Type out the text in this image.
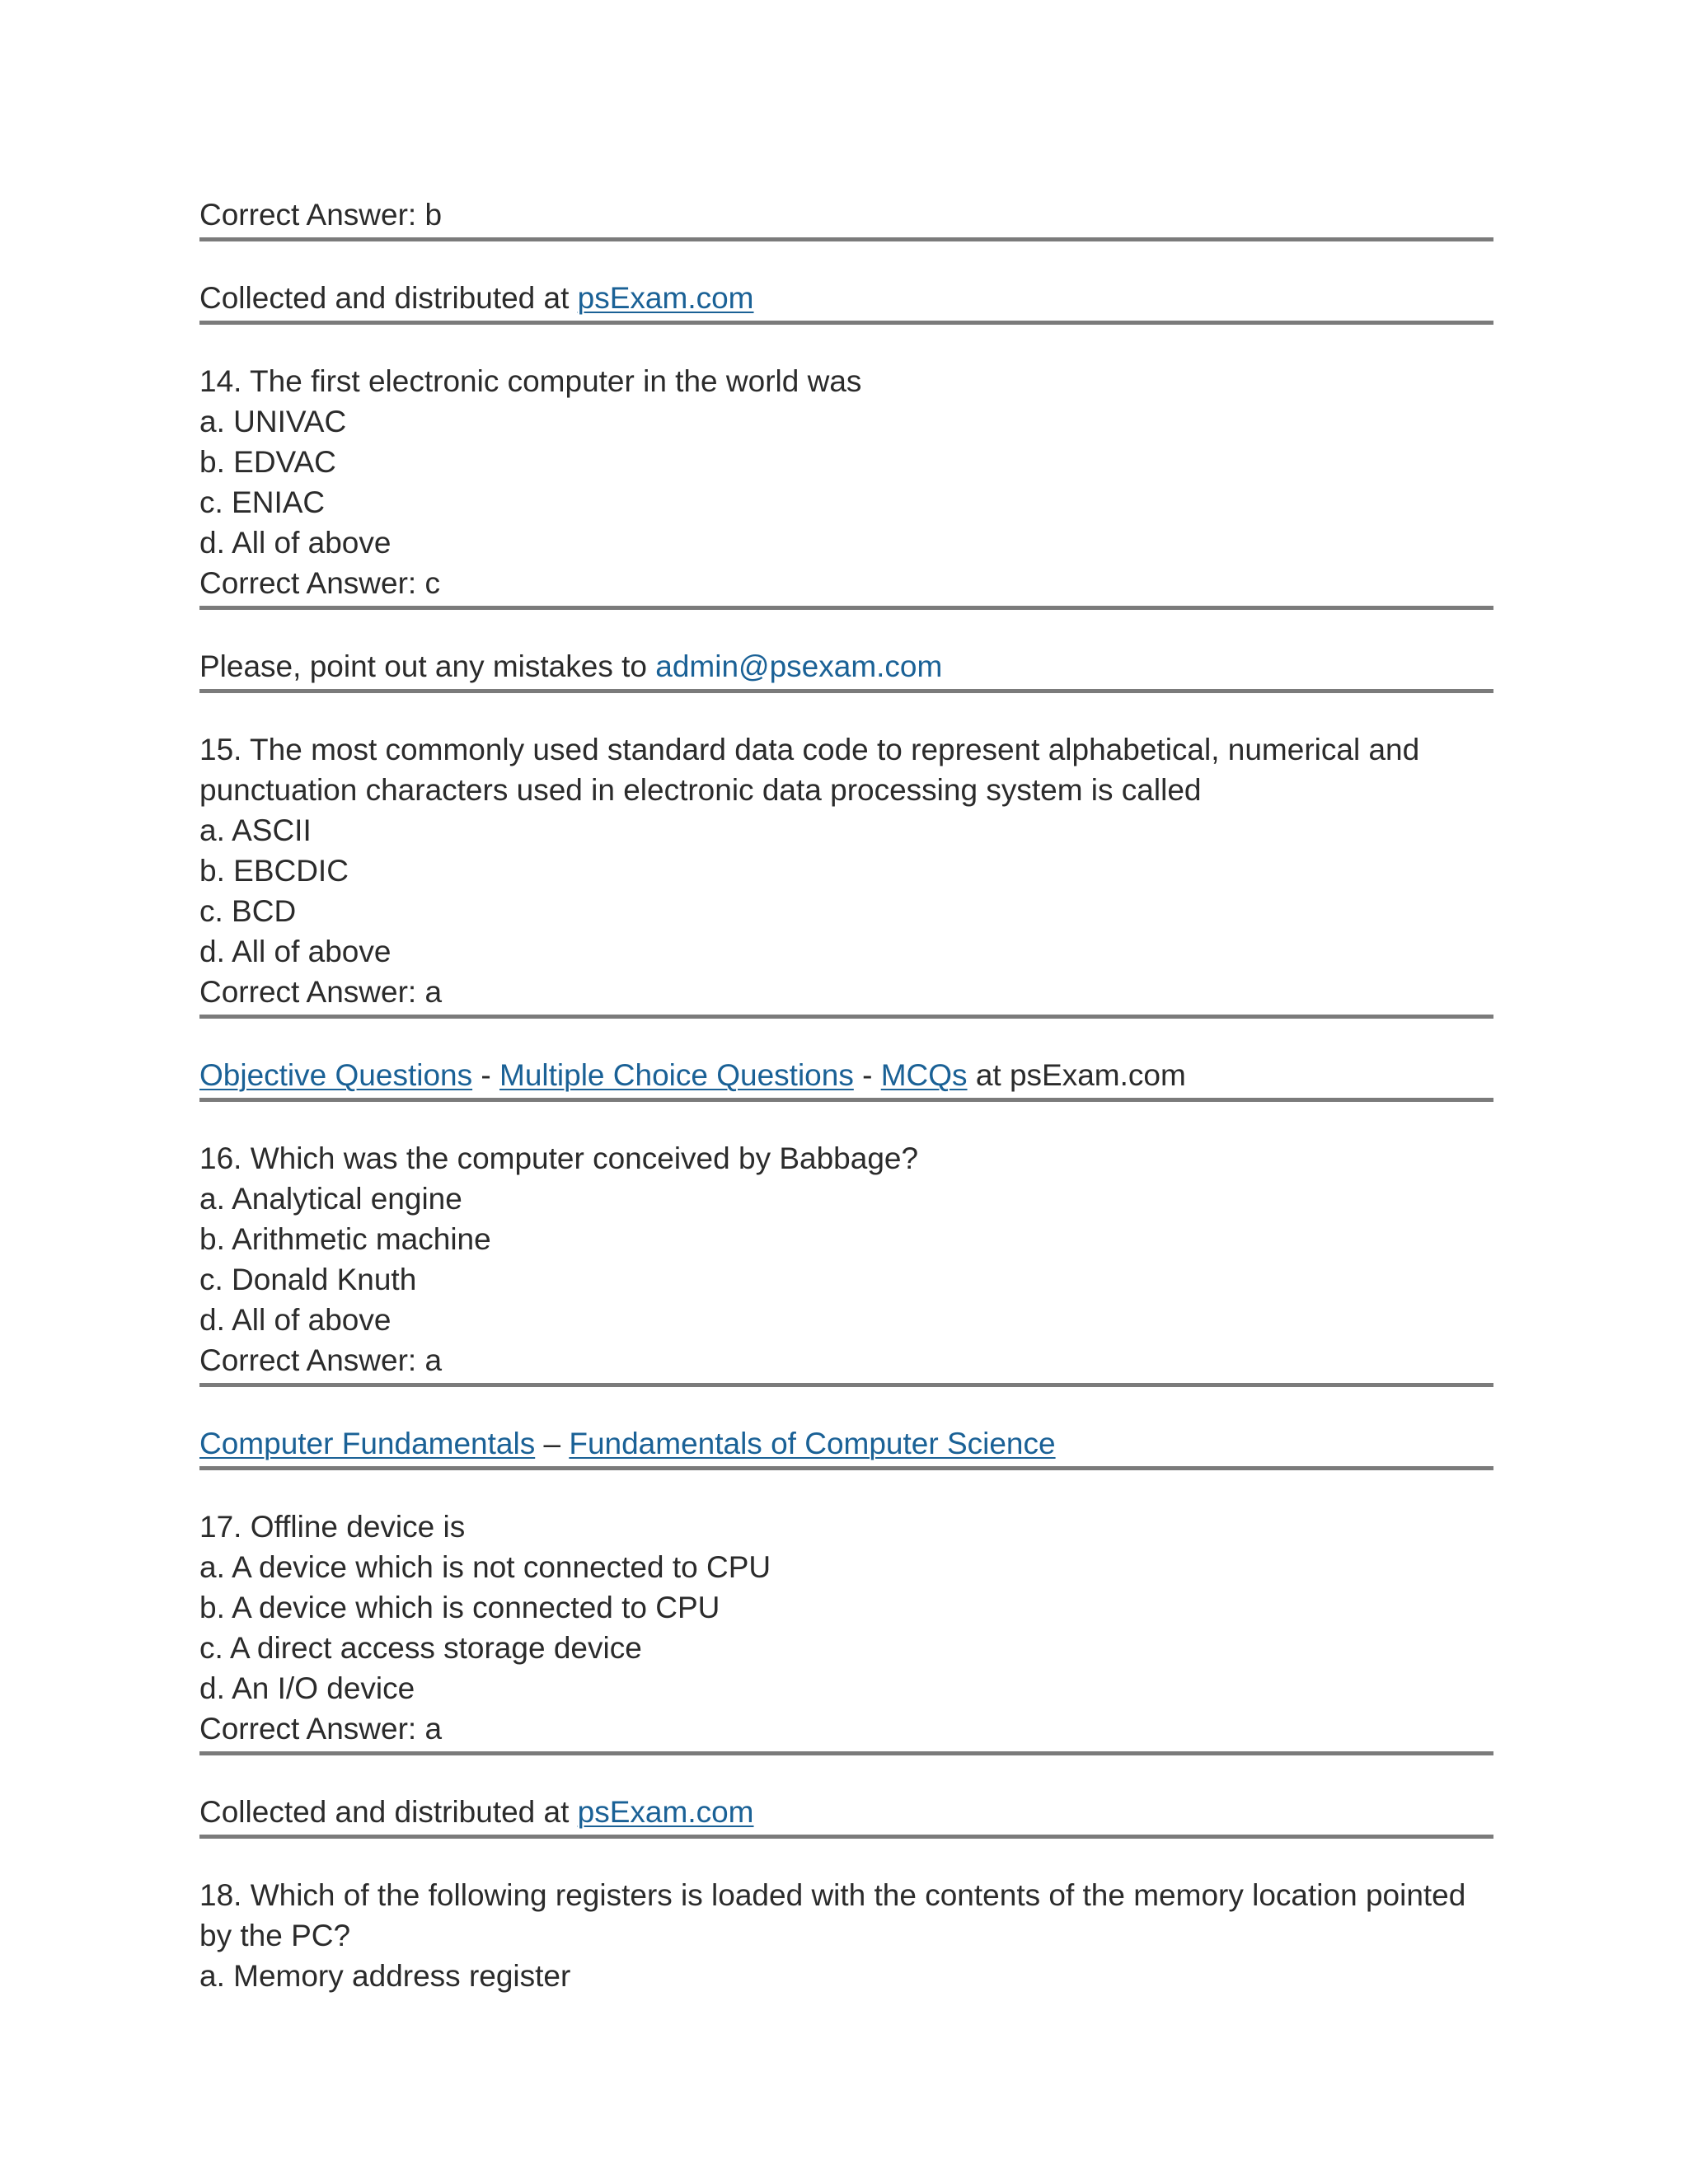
Correct Answer: b
Collected and distributed at psExam.com
14. The first electronic computer in the world was
a. UNIVAC
b. EDVAC
c. ENIAC
d. All of above
Correct Answer: c
Please, point out any mistakes to admin@psexam.com
15. The most commonly used standard data code to represent alphabetical, numerical and punctuation characters used in electronic data processing system is called
a. ASCII
b. EBCDIC
c. BCD
d. All of above
Correct Answer: a
Objective Questions - Multiple Choice Questions - MCQs at psExam.com
16. Which was the computer conceived by Babbage?
a. Analytical engine
b. Arithmetic machine
c. Donald Knuth
d. All of above
Correct Answer: a
Computer Fundamentals – Fundamentals of Computer Science
17. Offline device is
a. A device which is not connected to CPU
b. A device which is connected to CPU
c. A direct access storage device
d. An I/O device
Correct Answer: a
Collected and distributed at psExam.com
18. Which of the following registers is loaded with the contents of the memory location pointed by the PC?
a. Memory address register
